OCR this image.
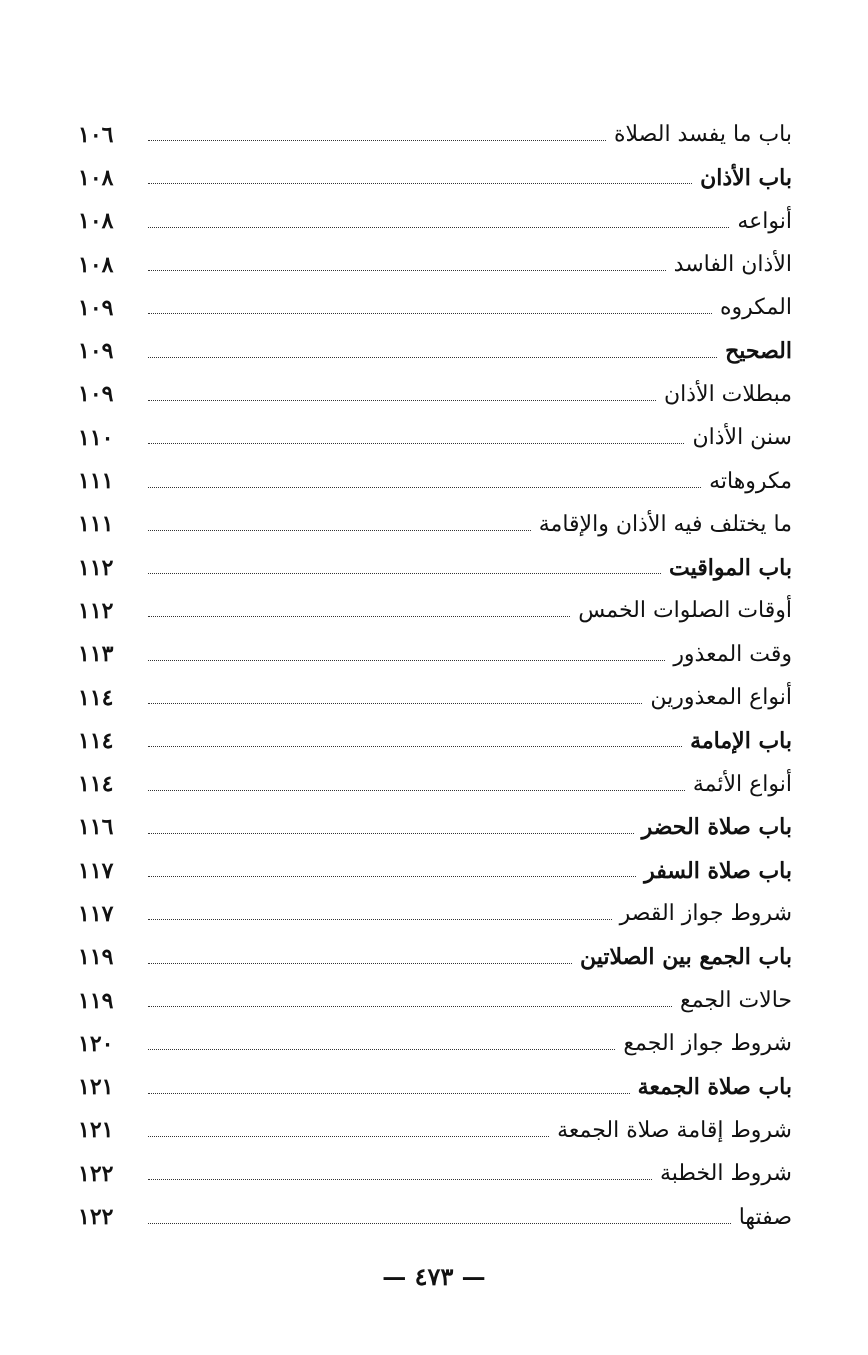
باب ما يفسد الصلاة
١٠٦
باب الأذان
١٠٨
أنواعه
١٠٨
الأذان الفاسد
١٠٨
المكروه
١٠٩
الصحيح
١٠٩
مبطلات الأذان
١٠٩
سنن الأذان
١١٠
مكروهاته
١١١
ما يختلف فيه الأذان والإقامة
١١١
باب المواقيت
١١٢
أوقات الصلوات الخمس
١١٢
وقت المعذور
١١٣
أنواع المعذورين
١١٤
باب الإمامة
١١٤
أنواع الأئمة
١١٤
باب صلاة الحضر
١١٦
باب صلاة السفر
١١٧
شروط جواز القصر
١١٧
باب الجمع بين الصلاتين
١١٩
حالات الجمع
١١٩
شروط جواز الجمع
١٢٠
باب صلاة الجمعة
١٢١
شروط إقامة صلاة الجمعة
١٢١
شروط الخطبة
١٢٢
صفتها
١٢٢
— ٤٧٣ —
